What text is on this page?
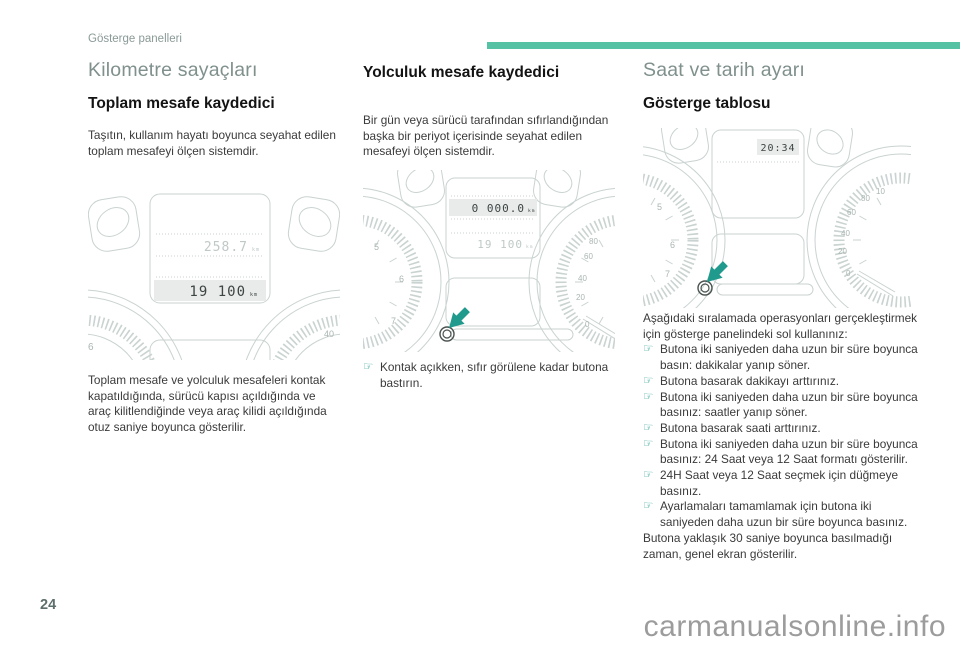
Gösterge panelleri
Kilometre sayaçları
Toplam mesafe kaydedici

Taşıtın, kullanım hayatı boyunca seyahat edilen toplam mesafeyi ölçen sistemdir.

258.7 km
19 100 km
6
40

Toplam mesafe ve yolculuk mesafeleri kontak kapatıldığında, sürücü kapısı açıldığında ve araç kilitlendiğinde veya araç kilidi açıldığında otuz saniye boyunca gösterilir.

Yolculuk mesafe kaydedici

Bir gün veya sürücü tarafından sıfırlandığından başka bir periyot içerisinde seyahat edilen mesafeyi ölçen sistemdir.

0 000.0 km
19 100 km
5
6
7
80
60
40
20
0
☞ Kontak açıkken, sıfır görülene kadar butona bastırın.
Saat ve tarih ayarı
Gösterge tablosu
20:34
5
6
7
10
80
60
40
20
0

Aşağıdaki sıralamada operasyonları gerçekleştirmek için gösterge panelindeki sol kullanınız:

☞ Butona iki saniyeden daha uzun bir süre boyunca basın: dakikalar yanıp söner.
☞ Butona basarak dakikayı arttırınız.
☞ Butona iki saniyeden daha uzun bir süre boyunca basınız: saatler yanıp söner.
☞ Butona basarak saati arttırınız.
☞ Butona iki saniyeden daha uzun bir süre boyunca basınız: 24 Saat veya 12 Saat formatı gösterilir.
☞ 24H Saat veya 12 Saat seçmek için düğmeye basınız.
☞ Ayarlamaları tamamlamak için butona iki saniyeden daha uzun bir süre boyunca basınız.

Butona yaklaşık 30 saniye boyunca basılmadığı zaman, genel ekran gösterilir.

24
carmanualsonline.info
